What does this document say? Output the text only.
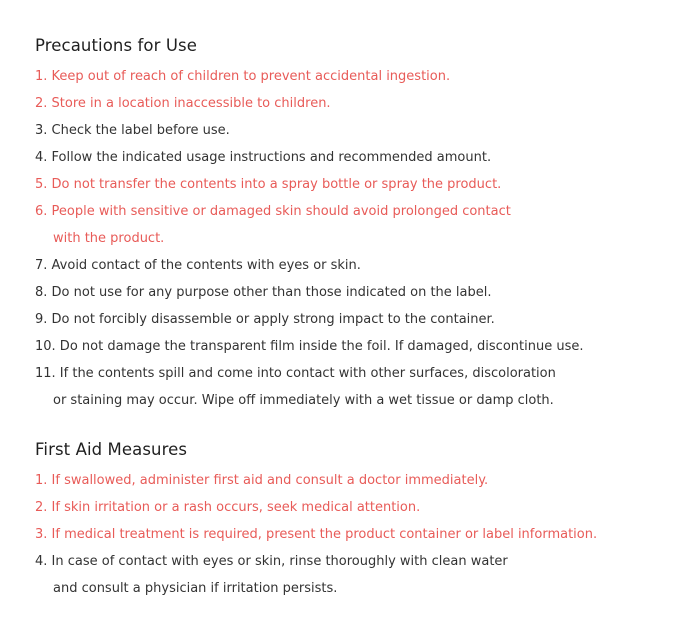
Precautions for Use
1. Keep out of reach of children to prevent accidental ingestion.
2. Store in a location inaccessible to children.
3. Check the label before use.
4. Follow the indicated usage instructions and recommended amount.
5. Do not transfer the contents into a spray bottle or spray the product.
6. People with sensitive or damaged skin should avoid prolonged contact
with the product.
7. Avoid contact of the contents with eyes or skin.
8. Do not use for any purpose other than those indicated on the label.
9. Do not forcibly disassemble or apply strong impact to the container.
10. Do not damage the transparent film inside the foil. If damaged, discontinue use.
11. If the contents spill and come into contact with other surfaces, discoloration
or staining may occur. Wipe off immediately with a wet tissue or damp cloth.
First Aid Measures
1. If swallowed, administer first aid and consult a doctor immediately.
2. If skin irritation or a rash occurs, seek medical attention.
3. If medical treatment is required, present the product container or label information.
4. In case of contact with eyes or skin, rinse thoroughly with clean water
and consult a physician if irritation persists.
